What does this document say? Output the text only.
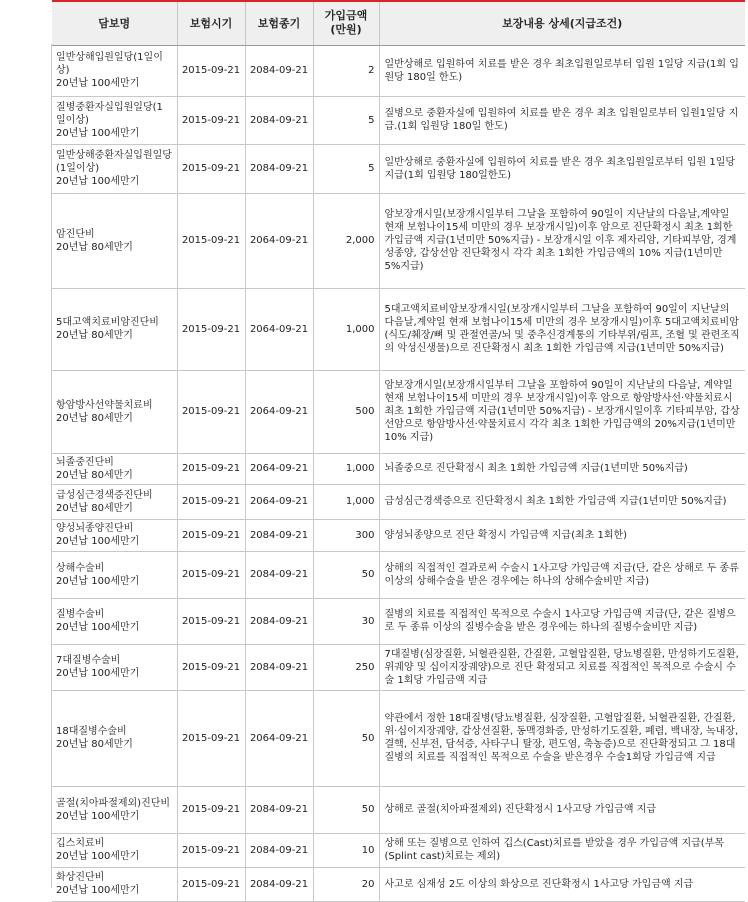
담보명	보험시기	보험종기	가입금액
(만원)	보장내용 상세(지급조건)
일반상해입원일당(1일이상)
20년납 100세만기	2015-09-21	2084-09-21	2	일반상해로 입원하여 치료를 받은 경우 최초입원일로부터 입원 1일당 지급(1회 입원당 180일 한도)
질병중환자실입원일당(1일이상)
20년납 100세만기	2015-09-21	2084-09-21	5	질병으로 중환자실에 입원하여 치료를 받은 경우 최초 입원일로부터 입원1일당 지급.(1회 입원당 180일 한도)
일반상해중환자실입원일당(1일이상)
20년납 100세만기	2015-09-21	2084-09-21	5	일반상해로 중환자실에 입원하여 치료를 받은 경우 최초입원일로부터 입원 1일당 지급(1회 입원당 180일한도)
암진단비
20년납 80세만기	2015-09-21	2064-09-21	2,000	암보장개시일(보장개시일부터 그날을 포함하여 90일이 지난날의 다음날,계약일 현재 보험나이15세 미만의 경우 보장개시일)이후 암으로 진단확정시 최초 1회한 가입금액 지급(1년미만 50%지급) - 보장개시일 이후 제자리암, 기타피부암, 경계성종양, 갑상선암 진단확정시 각각 최초 1회한 가입금액의 10% 지급(1년미만 5%지급)
5대고액치료비암진단비
20년납 80세만기	2015-09-21	2064-09-21	1,000	5대고액치료비암보장개시일(보장개시일부터 그날을 포함하여 90일이 지난날의 다음날,계약일 현재 보험나이15세 미만의 경우 보장개시일)이후 5대고액치료비암(식도/췌장/뼈 및 관절연골/뇌 및 중추신경계통의 기타부위/림프, 조혈 및 관련조직의 악성신생물)으로 진단확정시 최초 1회한 가입금액 지급(1년미만 50%지급)
항암방사선약물치료비
20년납 80세만기	2015-09-21	2064-09-21	500	암보장개시일(보장개시일부터 그날을 포함하여 90일이 지난날의 다음날, 계약일 현재 보험나이15세 미만의 경우 보장개시일)이후 암으로 항암방사선·약물치료시 최초 1회한 가입금액 지급(1년미만 50%지급) - 보장개시일이후 기타피부암, 갑상선암으로 항암방사선·약물치료시 각각 최초 1회한 가입금액의 20%지급(1년미만 10% 지급)
뇌졸중진단비
20년납 80세만기	2015-09-21	2064-09-21	1,000	뇌졸중으로 진단확정시 최초 1회한 가입금액 지급(1년미만 50%지급)
급성심근경색증진단비
20년납 80세만기	2015-09-21	2064-09-21	1,000	급성심근경색증으로 진단확정시 최초 1회한 가입금액 지급(1년미만 50%지급)
양성뇌종양진단비
20년납 100세만기	2015-09-21	2084-09-21	300	양성뇌종양으로 진단 확정시 가입금액 지급(최초 1회한)
상해수술비
20년납 100세만기	2015-09-21	2084-09-21	50	상해의 직접적인 결과로써 수술시 1사고당 가입금액 지급(단, 같은 상해로 두 종류 이상의 상해수술을 받은 경우에는 하나의 상해수술비만 지급)
질병수술비
20년납 100세만기	2015-09-21	2084-09-21	30	질병의 치료를 직접적인 목적으로 수술시 1사고당 가입금액 지급(단, 같은 질병으로 두 종류 이상의 질병수술을 받은 경우에는 하나의 질병수술비만 지급)
7대질병수술비
20년납 100세만기	2015-09-21	2084-09-21	250	7대질병(심장질환, 뇌혈관질환, 간질환, 고혈압질환, 당뇨병질환, 만성하기도질환, 위궤양 및 십이지장궤양)으로 진단 확정되고 치료를 직접적인 목적으로 수술시 수술 1회당 가입금액 지급
18대질병수술비
20년납 80세만기	2015-09-21	2064-09-21	50	약관에서 정한 18대질병(당뇨병질환, 심장질환, 고혈압질환, 뇌혈관질환, 간질환, 위·십이지장궤양, 갑상선질환, 동맥경화증, 만성하기도질환, 폐렴, 백내장, 녹내장, 결핵, 신부전, 담석증, 사타구니 탈장, 편도염, 축농증)으로 진단확정되고 그 18대질병의 치료를 직접적인 목적으로 수술을 받은경우 수술1회당 가입금액 지급
골절(치아파절제외)진단비
20년납 100세만기	2015-09-21	2084-09-21	50	상해로 골절(치아파절제외) 진단확정시 1사고당 가입금액 지급
깁스치료비
20년납 100세만기	2015-09-21	2084-09-21	10	상해 또는 질병으로 인하여 깁스(Cast)치료를 받았을 경우 가입금액 지급(부목(Splint cast)치료는 제외)
화상진단비
20년납 100세만기	2015-09-21	2084-09-21	20	사고로 심재성 2도 이상의 화상으로 진단확정시 1사고당 가입금액 지급
